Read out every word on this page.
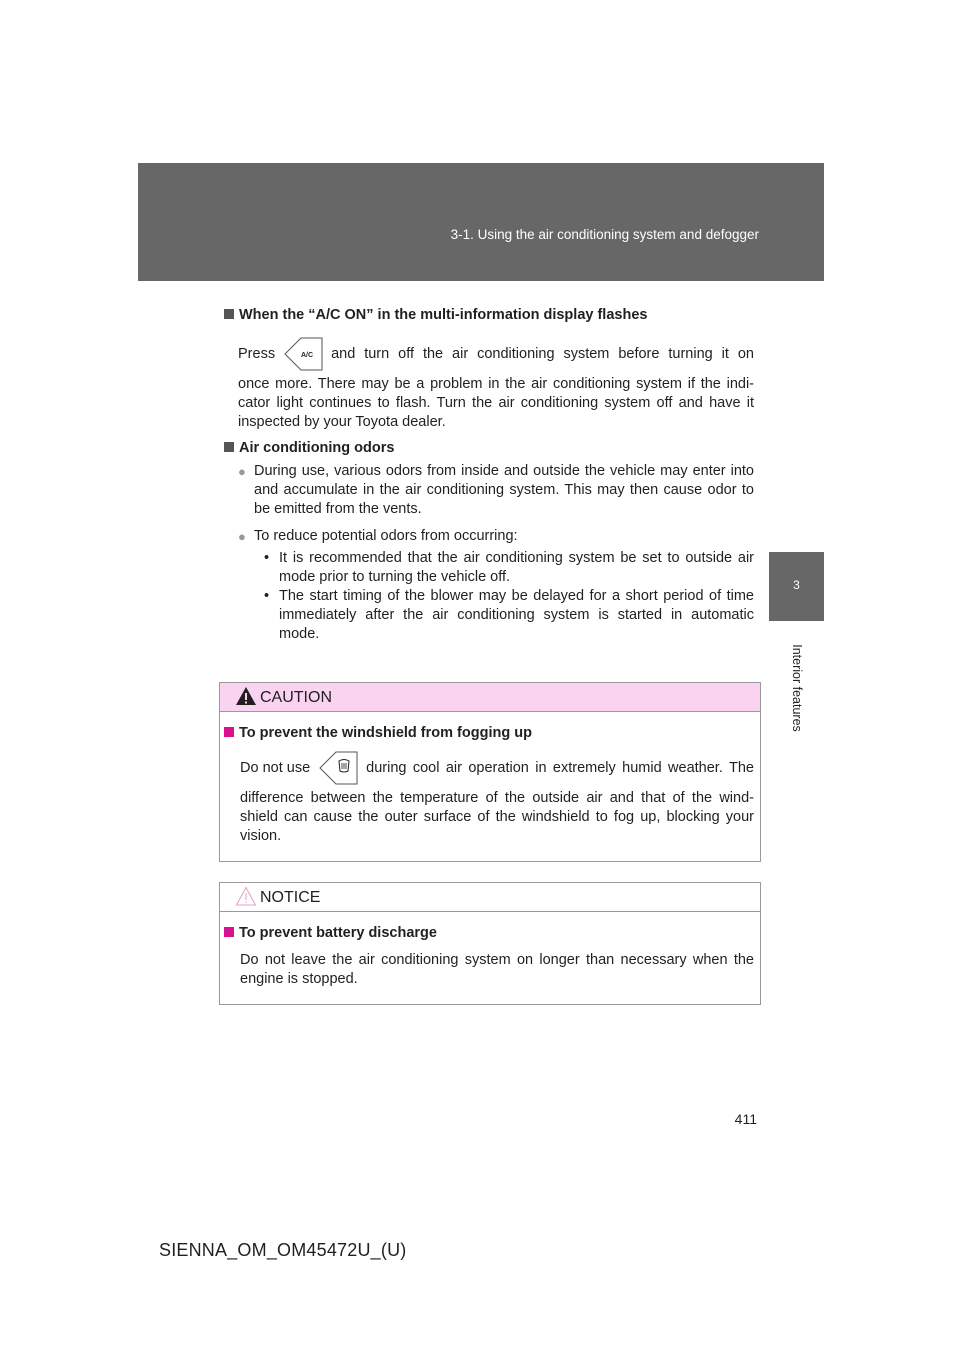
3-1. Using the air conditioning system and defogger
3
Interior features

When the “A/C ON” in the multi-information display flashes

Press	A/C and turn off the air conditioning system before turning it on

once more. There may be a problem in the air conditioning system if the indi- cator light continues to flash. Turn the air conditioning system off and have it inspected by your Toyota dealer.

Air conditioning odors

● During use, various odors from inside and outside the vehicle may enter into and accumulate in the air conditioning system. This may then cause odor to be emitted from the vents.
● To reduce potential odors from occurring:
• It is recommended that the air conditioning system be set to outside air mode prior to turning the vehicle off.
• The start timing of the blower may be delayed for a short period of time immediately after the air conditioning system is started in automatic mode.
CAUTION

To prevent the windshield from fogging up

Do not use	during cool air operation in extremely humid weather. The

difference between the temperature of the outside air and that of the wind- shield can cause the outer surface of the windshield to fog up, blocking your vision.

NOTICE

To prevent battery discharge

Do not leave the air conditioning system on longer than necessary when the engine is stopped.

411
SIENNA_OM_OM45472U_(U)
